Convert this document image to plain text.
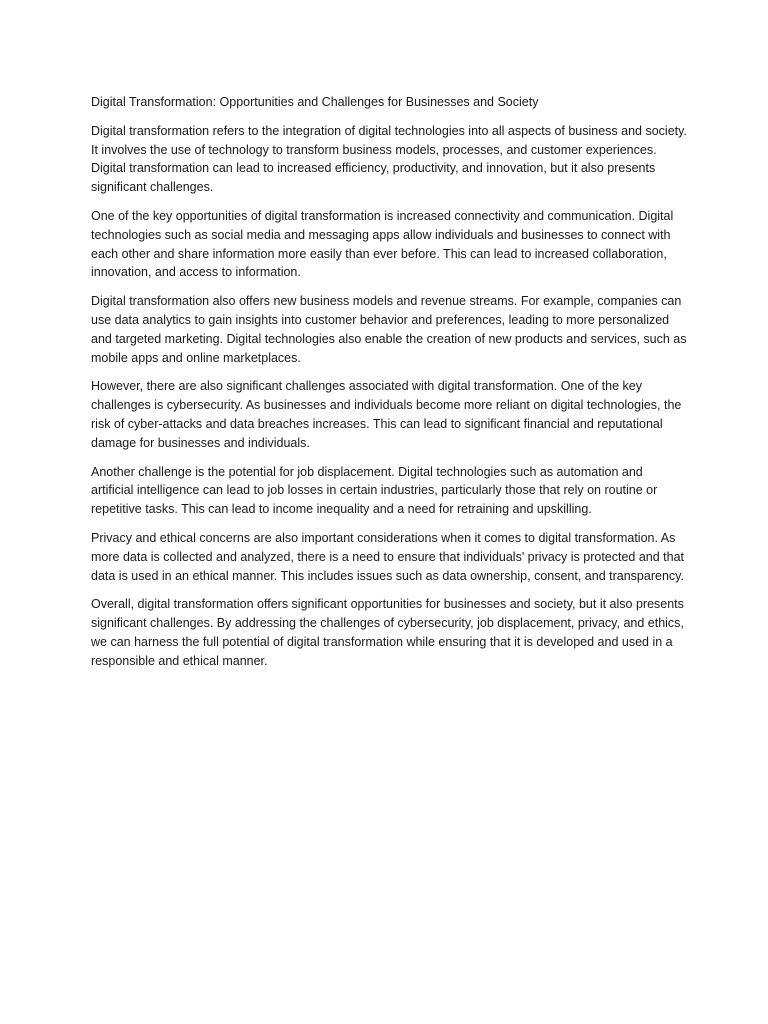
Digital Transformation: Opportunities and Challenges for Businesses and Society

Digital transformation refers to the integration of digital technologies into all aspects of business and society. It involves the use of technology to transform business models, processes, and customer experiences. Digital transformation can lead to increased efficiency, productivity, and innovation, but it also presents significant challenges.

One of the key opportunities of digital transformation is increased connectivity and communication. Digital technologies such as social media and messaging apps allow individuals and businesses to connect with each other and share information more easily than ever before. This can lead to increased collaboration, innovation, and access to information.

Digital transformation also offers new business models and revenue streams. For example, companies can use data analytics to gain insights into customer behavior and preferences, leading to more personalized and targeted marketing. Digital technologies also enable the creation of new products and services, such as mobile apps and online marketplaces.

However, there are also significant challenges associated with digital transformation. One of the key challenges is cybersecurity. As businesses and individuals become more reliant on digital technologies, the risk of cyber-attacks and data breaches increases. This can lead to significant financial and reputational damage for businesses and individuals.

Another challenge is the potential for job displacement. Digital technologies such as automation and artificial intelligence can lead to job losses in certain industries, particularly those that rely on routine or repetitive tasks. This can lead to income inequality and a need for retraining and upskilling.

Privacy and ethical concerns are also important considerations when it comes to digital transformation. As more data is collected and analyzed, there is a need to ensure that individuals' privacy is protected and that data is used in an ethical manner. This includes issues such as data ownership, consent, and transparency.

Overall, digital transformation offers significant opportunities for businesses and society, but it also presents significant challenges. By addressing the challenges of cybersecurity, job displacement, privacy, and ethics, we can harness the full potential of digital transformation while ensuring that it is developed and used in a responsible and ethical manner.
